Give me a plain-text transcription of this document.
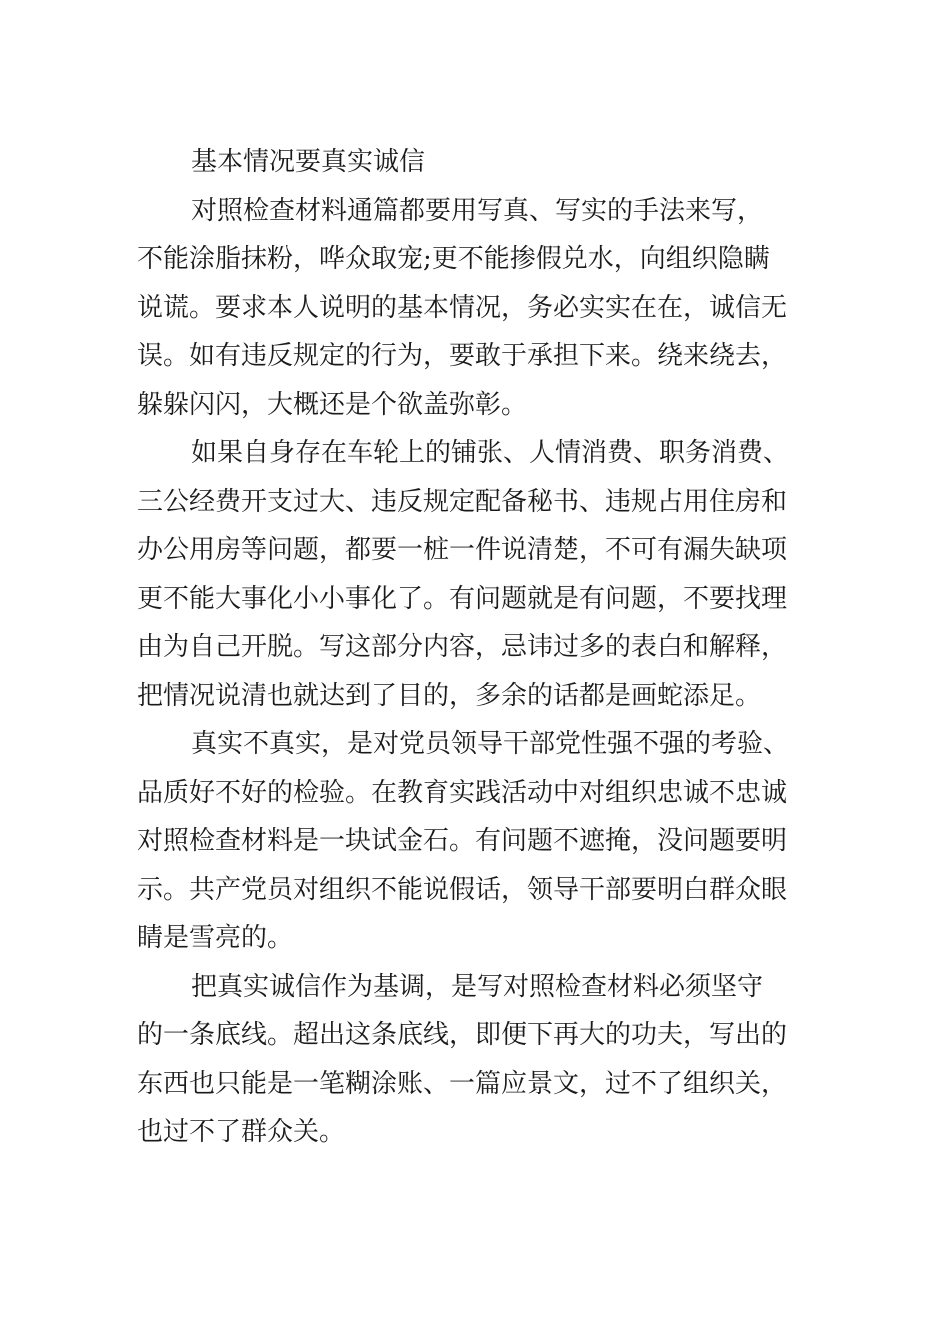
基本情况要真实诚信
对照检查材料通篇都要用写真、写实的手法来写，
不能涂脂抹粉，哗众取宠;更不能掺假兑水，向组织隐瞒
说谎。要求本人说明的基本情况，务必实实在在，诚信无
误。如有违反规定的行为，要敢于承担下来。绕来绕去，
躲躲闪闪，大概还是个欲盖弥彰。
如果自身存在车轮上的铺张、人情消费、职务消费、
三公经费开支过大、违反规定配备秘书、违规占用住房和
办公用房等问题，都要一桩一件说清楚，不可有漏失缺项
更不能大事化小小事化了。有问题就是有问题，不要找理
由为自己开脱。写这部分内容，忌讳过多的表白和解释，
把情况说清也就达到了目的，多余的话都是画蛇添足。
真实不真实，是对党员领导干部党性强不强的考验、
品质好不好的检验。在教育实践活动中对组织忠诚不忠诚
对照检查材料是一块试金石。有问题不遮掩，没问题要明
示。共产党员对组织不能说假话，领导干部要明白群众眼
睛是雪亮的。
把真实诚信作为基调，是写对照检查材料必须坚守
的一条底线。超出这条底线，即便下再大的功夫，写出的
东西也只能是一笔糊涂账、一篇应景文，过不了组织关，
也过不了群众关。
